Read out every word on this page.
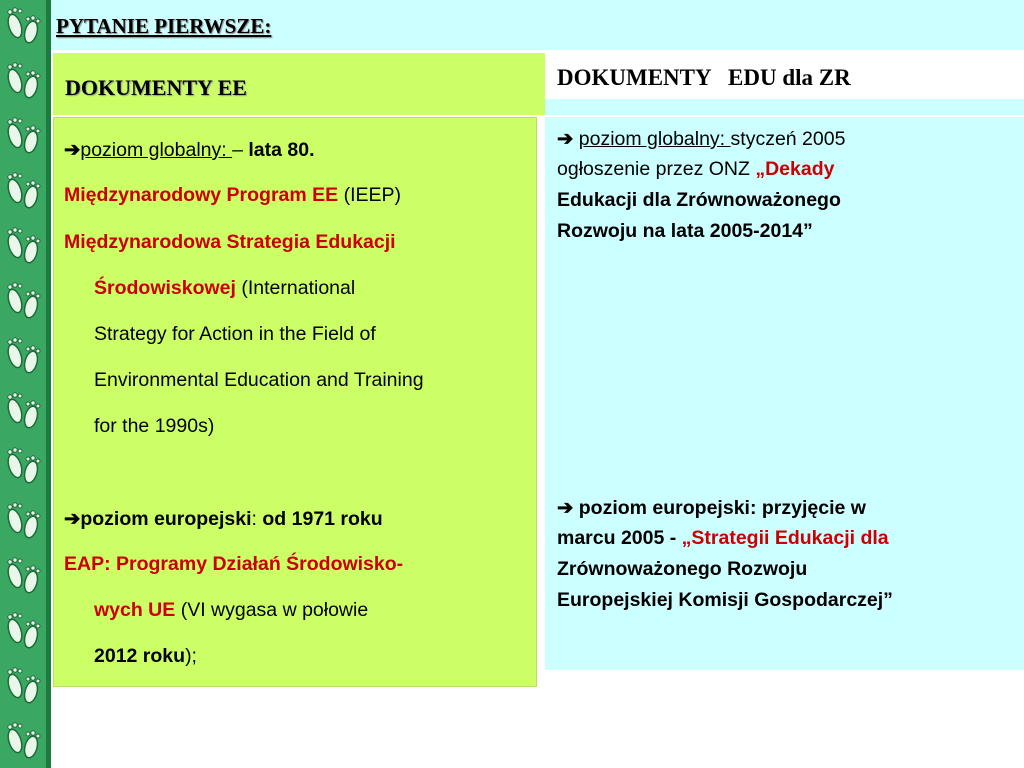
PYTANIE PIERWSZE:
DOKUMENTY EE	DOKUMENTY   EDU dla ZR
➔poziom globalny: – lata 80.
Międzynarodowy Program EE (IEEP)
Międzynarodowa Strategia Edukacji
Środowiskowej (International
Strategy for Action in the Field of
Environmental Education and Training
for the 1990s)
➔poziom europejski: od 1971 roku
EAP: Programy Działań Środowisko-
wych UE (VI wygasa w połowie
2012 roku);
➔ poziom globalny: styczeń 2005
ogłoszenie przez ONZ „Dekady
Edukacji dla Zrównoważonego
Rozwoju na lata 2005-2014”
➔ poziom europejski: przyjęcie w
marcu 2005 - „Strategii Edukacji dla
Zrównoważonego Rozwoju
Europejskiej Komisji Gospodarczej”
